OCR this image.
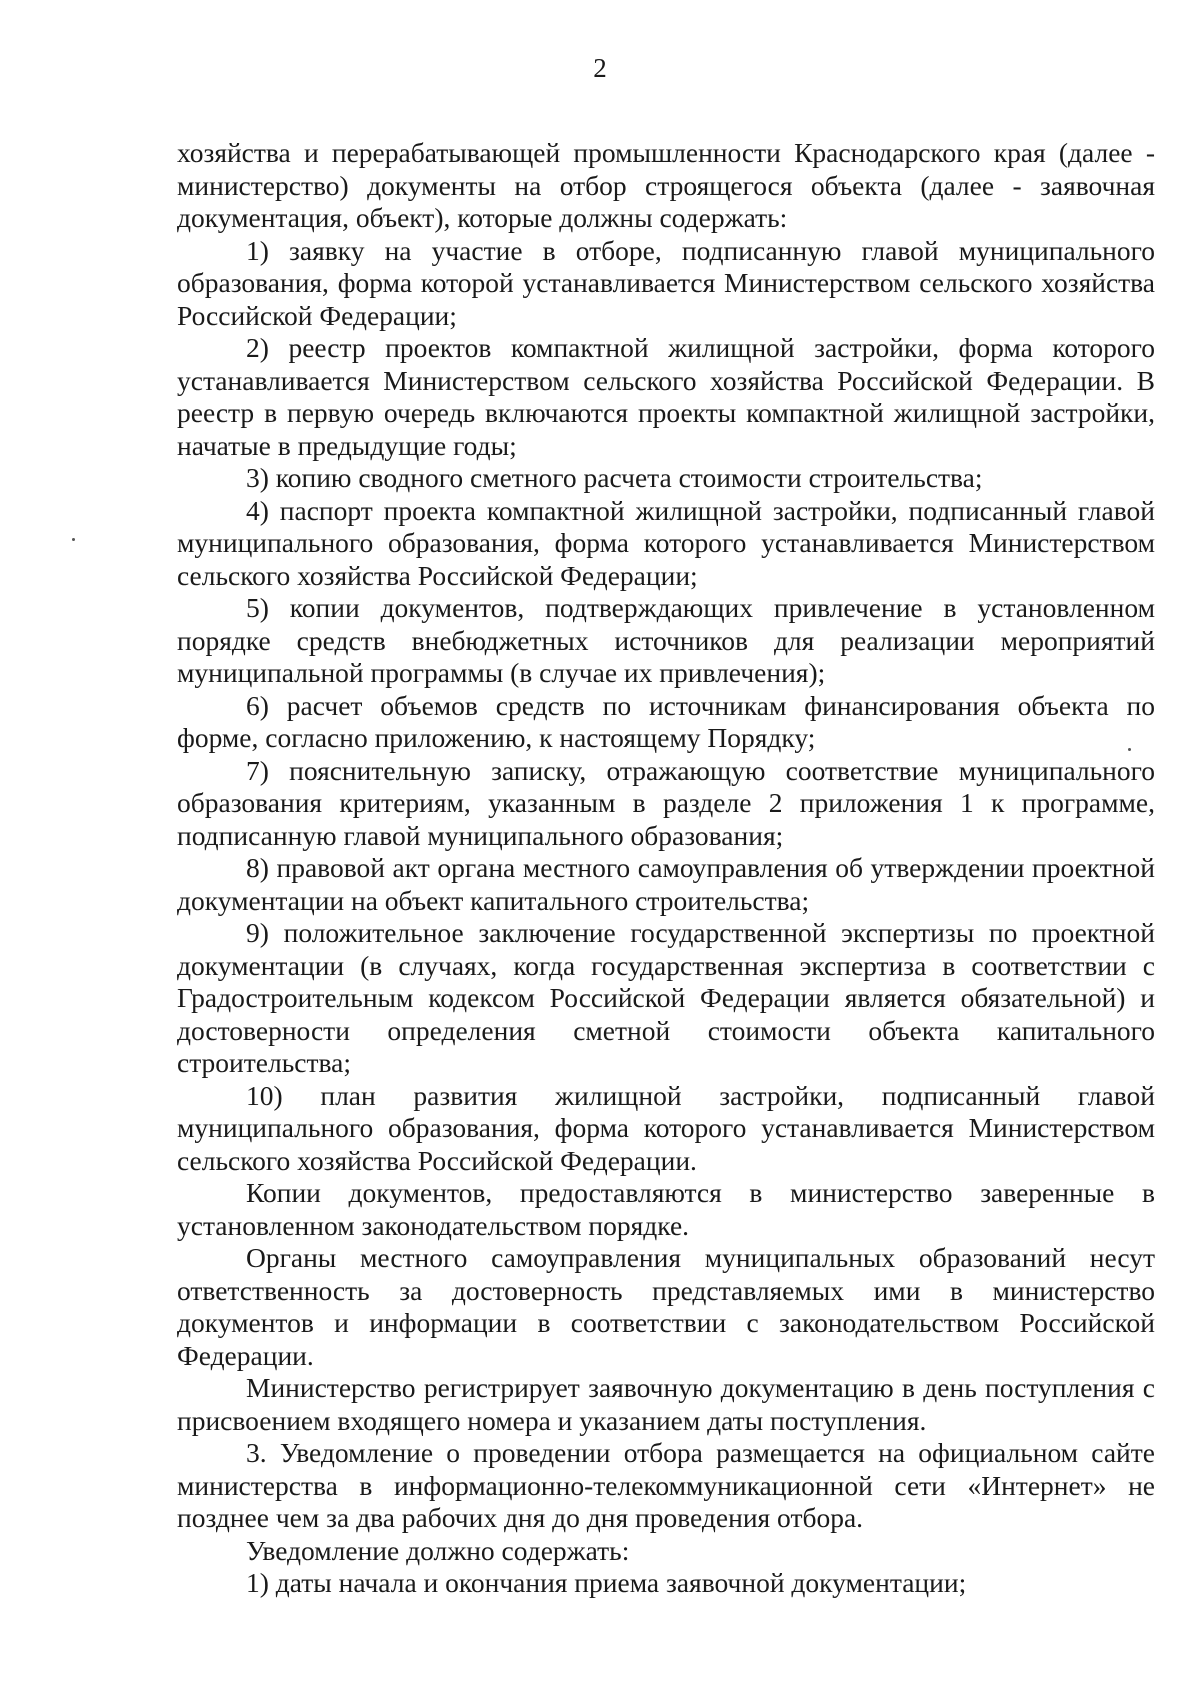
2

хозяйства и перерабатывающей промышленности Краснодарского края (далее - министерство) документы на отбор строящегося объекта (далее - заявочная документация, объект), которые должны содержать:

1) заявку на участие в отборе, подписанную главой муниципального образования, форма которой устанавливается Министерством сельского хозяйства Российской Федерации;

2) реестр проектов компактной жилищной застройки, форма которого устанавливается Министерством сельского хозяйства Российской Федерации. В реестр в первую очередь включаются проекты компактной жилищной застройки, начатые в предыдущие годы;

3) копию сводного сметного расчета стоимости строительства;

4) паспорт проекта компактной жилищной застройки, подписанный главой муниципального образования, форма которого устанавливается Министерством сельского хозяйства Российской Федерации;

5) копии документов, подтверждающих привлечение в установленном порядке средств внебюджетных источников для реализации мероприятий муниципальной программы (в случае их привлечения);

6) расчет объемов средств по источникам финансирования объекта по форме, согласно приложению, к настоящему Порядку;

7) пояснительную записку, отражающую соответствие муниципального образования критериям, указанным в разделе 2 приложения 1 к программе, подписанную главой муниципального образования;

8) правовой акт органа местного самоуправления об утверждении проектной документации на объект капитального строительства;

9) положительное заключение государственной экспертизы по проектной документации (в случаях, когда государственная экспертиза в соответствии с Градостроительным кодексом Российской Федерации является обязательной) и достоверности определения сметной стоимости объекта капитального строительства;

10) план развития жилищной застройки, подписанный главой муниципального образования, форма которого устанавливается Министерством сельского хозяйства Российской Федерации.

Копии документов, предоставляются в министерство заверенные в установленном законодательством порядке.

Органы местного самоуправления муниципальных образований несут ответственность за достоверность представляемых ими в министерство документов и информации в соответствии с законодательством Российской Федерации.

Министерство регистрирует заявочную документацию в день поступления с присвоением входящего номера и указанием даты поступления.

3. Уведомление о проведении отбора размещается на официальном сайте министерства в информационно-телекоммуникационной сети «Интернет» не позднее чем за два рабочих дня до дня проведения отбора.

Уведомление должно содержать:

1) даты начала и окончания приема заявочной документации;
